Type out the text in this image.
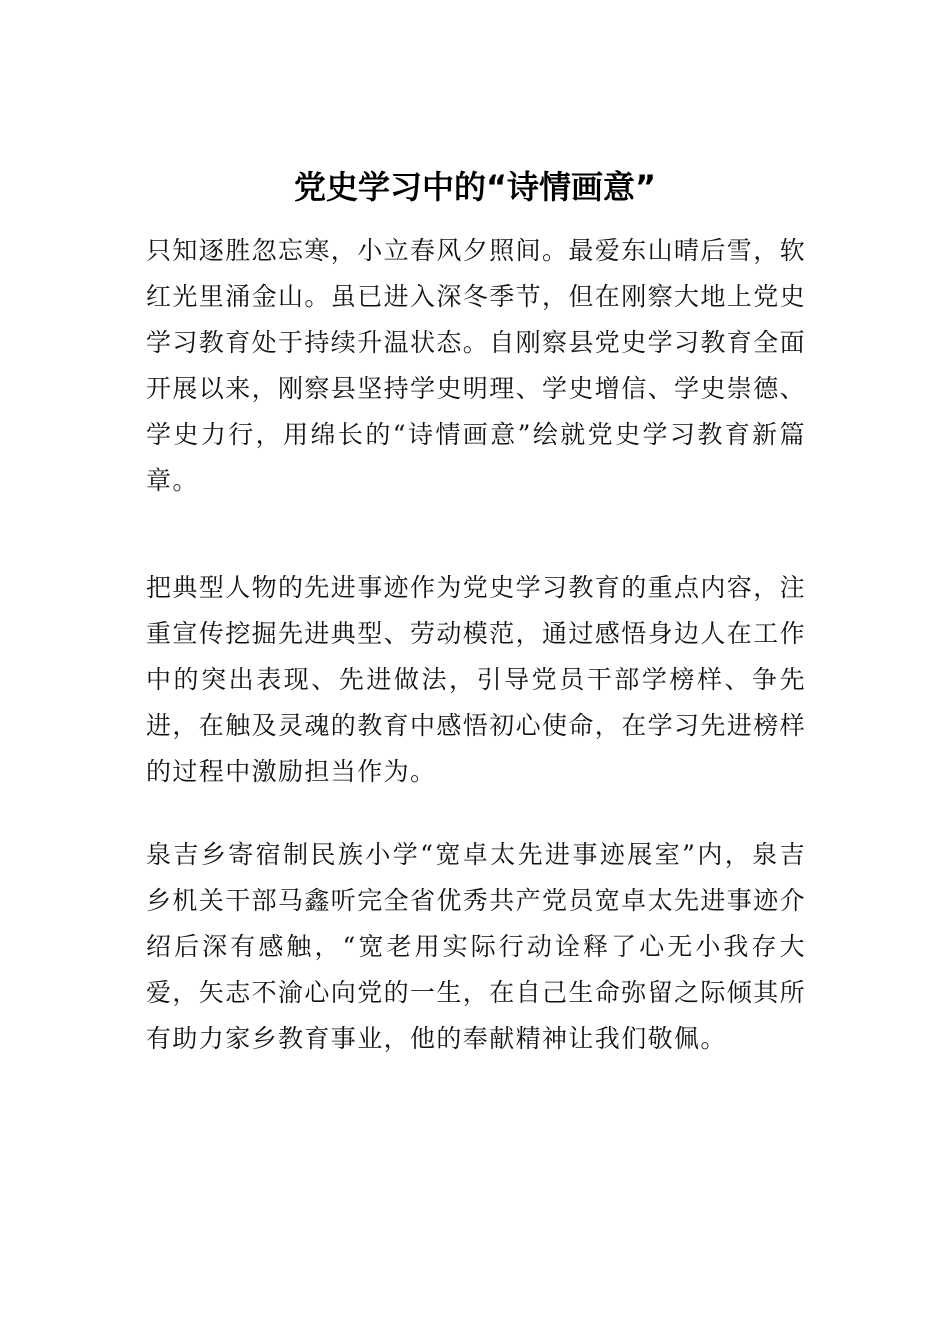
党史学习中的“诗情画意”

只知逐胜忽忘寒，小立春风夕照间。最爱东山晴后雪，软红光里涌金山。虽已进入深冬季节，但在刚察大地上党史学习教育处于持续升温状态。自刚察县党史学习教育全面开展以来，刚察县坚持学史明理、学史增信、学史崇德、学史力行，用绵长的“诗情画意”绘就党史学习教育新篇章。

把典型人物的先进事迹作为党史学习教育的重点内容，注重宣传挖掘先进典型、劳动模范，通过感悟身边人在工作中的突出表现、先进做法，引导党员干部学榜样、争先进，在触及灵魂的教育中感悟初心使命，在学习先进榜样的过程中激励担当作为。

泉吉乡寄宿制民族小学“宽卓太先进事迹展室”内，泉吉乡机关干部马鑫听完全省优秀共产党员宽卓太先进事迹介绍后深有感触，“宽老用实际行动诠释了心无小我存大爱，矢志不渝心向党的一生，在自己生命弥留之际倾其所有助力家乡教育事业，他的奉献精神让我们敬佩。
